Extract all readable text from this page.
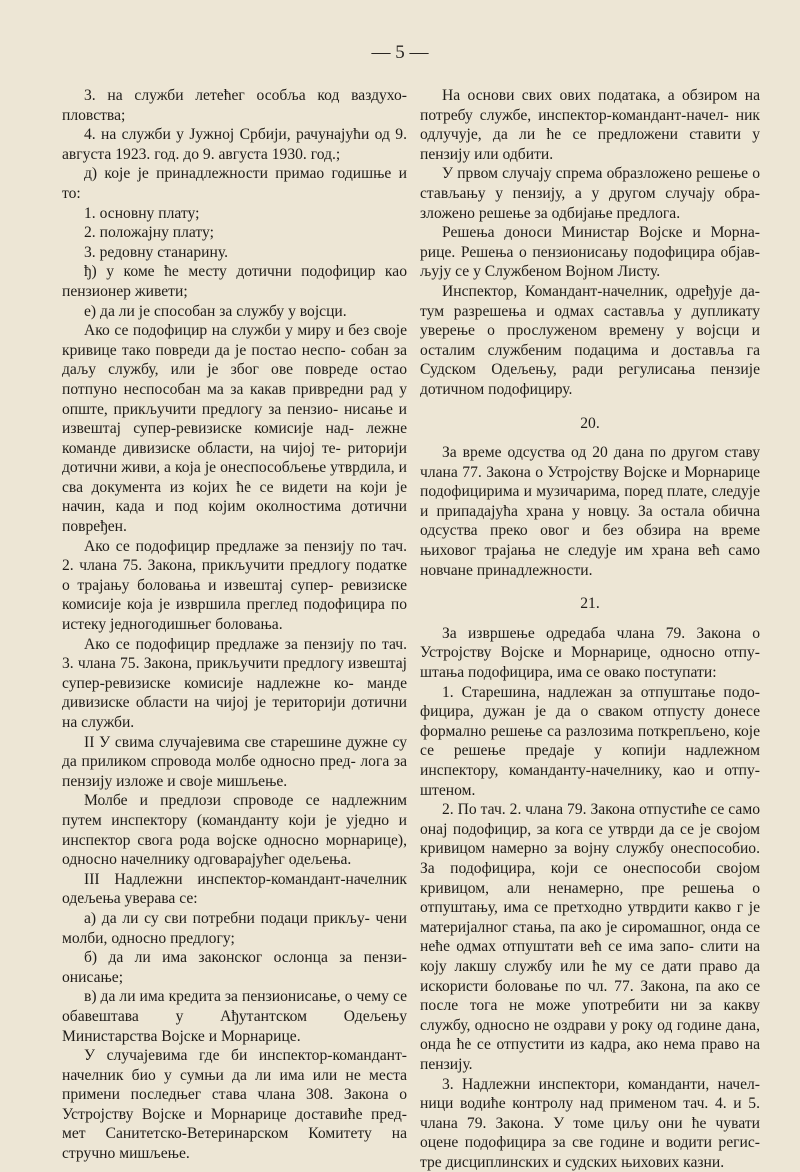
— 5 —

3. на служби летећег особља код ваздухо- пловства;

4. на служби у Јужној Србији, рачунајући од 9. августа 1923. год. до 9. августа 1930. год.;

д) које је принадлежности примао годишње и то:

1. основну плату;

2. положајну плату;

3. редовну станарину.

ђ) у коме ће месту дотични подофицир као пензионер живети;

е) да ли је способан за службу у војсци.

Ако се подофицир на служби у миру и без своје кривице тако повреди да је постао неспо- собан за даљу службу, или је због ове повреде остао потпуно неспособан ма за какав привредни рад у опште, прикључити предлогу за пензио- нисање и извештај супер-ревизиске комисије над- лежне команде дивизиске области, на чијој те- риторији дотични живи, а која је онеспособљење утврдила, и сва документа из којих ће се видети на који је начин, када и под којим околностима дотични повређен.

Ако се подофицир предлаже за пензију по тач. 2. члана 75. Закона, прикључити предлогу податке о трајању боловања и извештај супер- ревизиске комисије која је извршила преглед подофицира по истеку једногодишњег боловања.

Ако се подофицир предлаже за пензију по тач. 3. члана 75. Закона, прикључити предлогу извештај супер-ревизиске комисије надлежне ко- манде дивизиске области на чијој је територији дотични на служби.

II У свима случајевима све старешине дужне су да приликом спровода молбе односно пред- лога за пензију изложе и своје мишљење.

Молбе и предлози спроводе се надлежним путем инспектору (команданту који је уједно и инспектор свога рода војске односно морнарице), односно начелнику одговарајућег одељења.

III Надлежни инспектор-командант-начелник одељења уверава се:

а) да ли су сви потребни подаци прикљу- чени молби, односно предлогу;

б) да ли има законског ослонца за пензи- онисање;

в) да ли има кредита за пензионисање, о чему се обавештава у Ађутантском Одељењу Министарства Војске и Морнарице.

У случајевима где би инспектор-командант- начелник био у сумњи да ли има или не места примени последњег става члана 308. Закона о Устројству Војске и Морнарице доставиће пред- мет Санитетско-Ветеринарском Комитету на стручно мишљење.

На основи свих ових података, а обзиром на потребу службе, инспектор-командант-начел- ник одлучује, да ли ће се предложени ставити у пензију или одбити.

У првом случају спрема образложено решење о стављању у пензију, а у другом случају обра- зложено решење за одбијање предлога.

Решења доноси Министар Војске и Морна- рице. Решења о пензионисању подофицира објав- љују се у Службеном Војном Листу.

Инспектор, Командант-начелник, одређује да- тум разрешења и одмах саставља у дупликату уверење о прослуженом времену у војсци и осталим службеним подацима и доставља га Судском Одељењу, ради регулисања пензије дотичном подофициру.

20.

За време одсуства од 20 дана по другом ставу члана 77. Закона о Устројству Војске и Морнарице подофицирима и музичарима, поред плате, следује и припадајућа храна у новцу. За остала обична одсуства преко овог и без обзира на време њиховог трајања не следује им храна већ само новчане принадлежности.

21.

За извршење одредаба члана 79. Закона о Устројству Војске и Морнарице, односно отпу- штања подофицира, има се овако поступати:

1. Старешина, надлежан за отпуштање подо- фицира, дужан је да о сваком отпусту донесе формално решење са разлозима поткрепљено, које се решење предаје у копији надлежном инспектору, команданту-начелнику, као и отпу- штеном.

2. По тач. 2. члана 79. Закона отпустиће се само онај подофицир, за кога се утврди да се је својом кривицом намерно за војну службу онеспособио. За подофицира, који се онеспособи својом кривицом, али ненамерно, пре решења о отпуштању, има се претходно утврдити какво г је материјалног стања, па ако је сиромашног, онда се неће одмах отпуштати већ се има запо- слити на коју лакшу службу или ће му се дати право да искористи боловање по чл. 77. Закона, па ако се после тога не може употребити ни за какву службу, односно не оздрави у року од године дана, онда ће се отпустити из кадра, ако нема право на пензију.

3. Надлежни инспектори, команданти, начел- ници водиће контролу над применом тач. 4. и 5. члана 79. Закона. У томе циљу они ће чувати оцене подофицира за све године и водити регис- тре дисциплинских и судских њихових казни.
